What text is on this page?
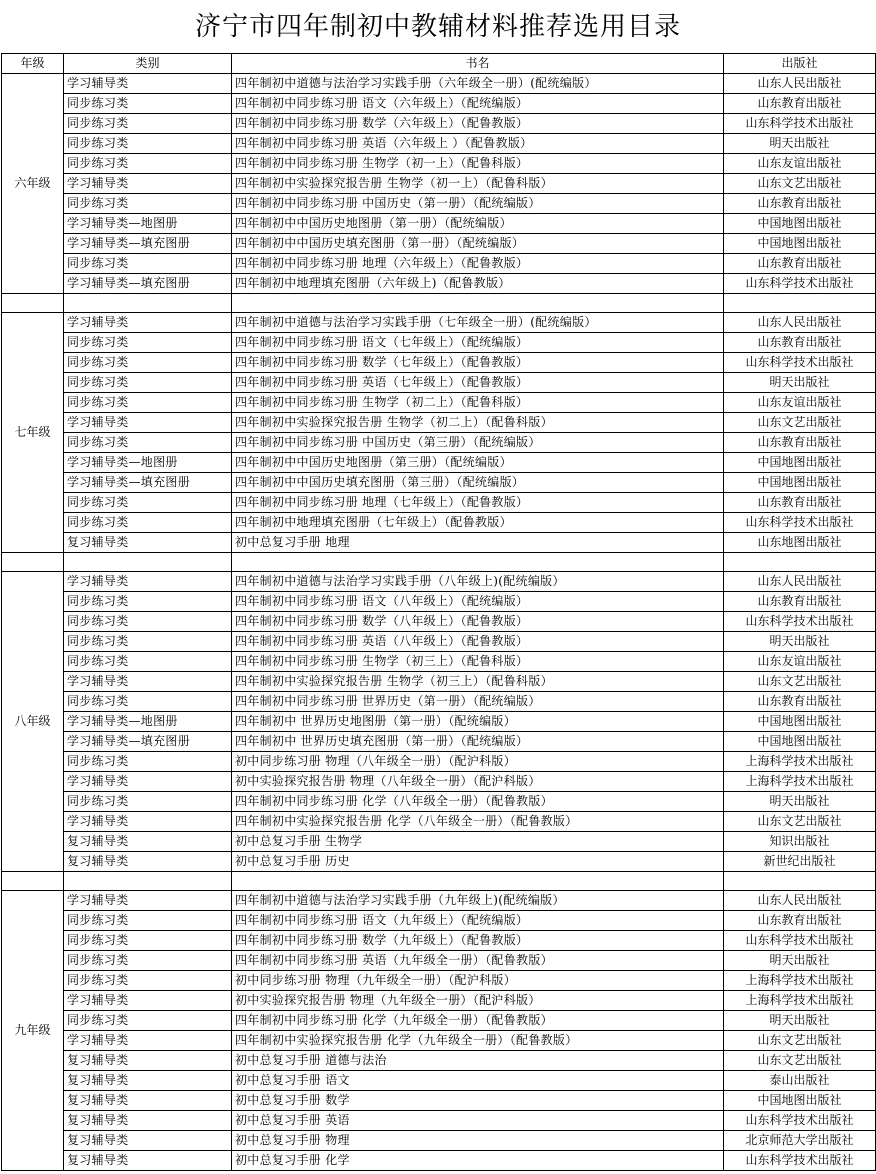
济宁市四年制初中教辅材料推荐选用目录
年级	类别	书名	出版社
六年级	学习辅导类	四年制初中道德与法治学习实践手册（六年级全一册）(配统编版）	山东人民出版社
	同步练习类	四年制初中同步练习册 语文（六年级上）（配统编版）	山东教育出版社
	同步练习类	四年制初中同步练习册 数学（六年级上）（配鲁教版）	山东科学技术出版社
	同步练习类	四年制初中同步练习册 英语（六年级上 ）（配鲁教版）	明天出版社
	同步练习类	四年制初中同步练习册 生物学（初一上）（配鲁科版）	山东友谊出版社
	学习辅导类	四年制初中实验探究报告册 生物学（初一上）（配鲁科版）	山东文艺出版社
	同步练习类	四年制初中同步练习册 中国历史（第一册）（配统编版）	山东教育出版社
	学习辅导类—地图册	四年制初中中国历史地图册（第一册）（配统编版）	中国地图出版社
	学习辅导类—填充图册	四年制初中中国历史填充图册（第一册）（配统编版）	中国地图出版社
	同步练习类	四年制初中同步练习册 地理（六年级上）（配鲁教版）	山东教育出版社
	学习辅导类—填充图册	四年制初中地理填充图册（六年级上)（配鲁教版）	山东科学技术出版社

七年级	学习辅导类	四年制初中道德与法治学习实践手册（七年级全一册）(配统编版）	山东人民出版社
	同步练习类	四年制初中同步练习册 语文（七年级上）（配统编版）	山东教育出版社
	同步练习类	四年制初中同步练习册 数学（七年级上）（配鲁教版）	山东科学技术出版社
	同步练习类	四年制初中同步练习册 英语（七年级上）（配鲁教版）	明天出版社
	同步练习类	四年制初中同步练习册 生物学（初二上）（配鲁科版）	山东友谊出版社
	学习辅导类	四年制初中实验探究报告册 生物学（初二上）（配鲁科版）	山东文艺出版社
	同步练习类	四年制初中同步练习册 中国历史（第三册）（配统编版）	山东教育出版社
	学习辅导类—地图册	四年制初中中国历史地图册（第三册）（配统编版）	中国地图出版社
	学习辅导类—填充图册	四年制初中中国历史填充图册（第三册）（配统编版）	中国地图出版社
	同步练习类	四年制初中同步练习册 地理（七年级上）（配鲁教版）	山东教育出版社
	同步练习类	四年制初中地理填充图册（七年级上）（配鲁教版）	山东科学技术出版社
	复习辅导类	初中总复习手册 地理	山东地图出版社

八年级	学习辅导类	四年制初中道德与法治学习实践手册（八年级上)(配统编版）	山东人民出版社
	同步练习类	四年制初中同步练习册 语文（八年级上）（配统编版）	山东教育出版社
	同步练习类	四年制初中同步练习册 数学（八年级上）（配鲁教版）	山东科学技术出版社
	同步练习类	四年制初中同步练习册 英语（八年级上）（配鲁教版）	明天出版社
	同步练习类	四年制初中同步练习册 生物学（初三上）（配鲁科版）	山东友谊出版社
	学习辅导类	四年制初中实验探究报告册 生物学（初三上）（配鲁科版）	山东文艺出版社
	同步练习类	四年制初中同步练习册 世界历史（第一册）（配统编版）	山东教育出版社
	学习辅导类—地图册	四年制初中 世界历史地图册（第一册）（配统编版）	中国地图出版社
	学习辅导类—填充图册	四年制初中 世界历史填充图册（第一册）（配统编版）	中国地图出版社
	同步练习类	初中同步练习册 物理（八年级全一册）（配沪科版）	上海科学技术出版社
	学习辅导类	初中实验探究报告册 物理（八年级全一册）（配沪科版）	上海科学技术出版社
	同步练习类	四年制初中同步练习册 化学（八年级全一册）（配鲁教版）	明天出版社
	学习辅导类	四年制初中实验探究报告册 化学（八年级全一册）（配鲁教版）	山东文艺出版社
	复习辅导类	初中总复习手册 生物学	知识出版社
	复习辅导类	初中总复习手册 历史	新世纪出版社

九年级	学习辅导类	四年制初中道德与法治学习实践手册（九年级上)(配统编版）	山东人民出版社
	同步练习类	四年制初中同步练习册 语文（九年级上）（配统编版）	山东教育出版社
	同步练习类	四年制初中同步练习册 数学（九年级上）（配鲁教版）	山东科学技术出版社
	同步练习类	四年制初中同步练习册 英语（九年级全一册）（配鲁教版）	明天出版社
	同步练习类	初中同步练习册 物理（九年级全一册）（配沪科版）	上海科学技术出版社
	学习辅导类	初中实验探究报告册 物理（九年级全一册）（配沪科版）	上海科学技术出版社
	同步练习类	四年制初中同步练习册 化学（九年级全一册）（配鲁教版）	明天出版社
	学习辅导类	四年制初中实验探究报告册 化学（九年级全一册）（配鲁教版）	山东文艺出版社
	复习辅导类	初中总复习手册 道德与法治	山东文艺出版社
	复习辅导类	初中总复习手册 语文	泰山出版社
	复习辅导类	初中总复习手册 数学	中国地图出版社
	复习辅导类	初中总复习手册 英语	山东科学技术出版社
	复习辅导类	初中总复习手册 物理	北京师范大学出版社
	复习辅导类	初中总复习手册 化学	山东科学技术出版社
